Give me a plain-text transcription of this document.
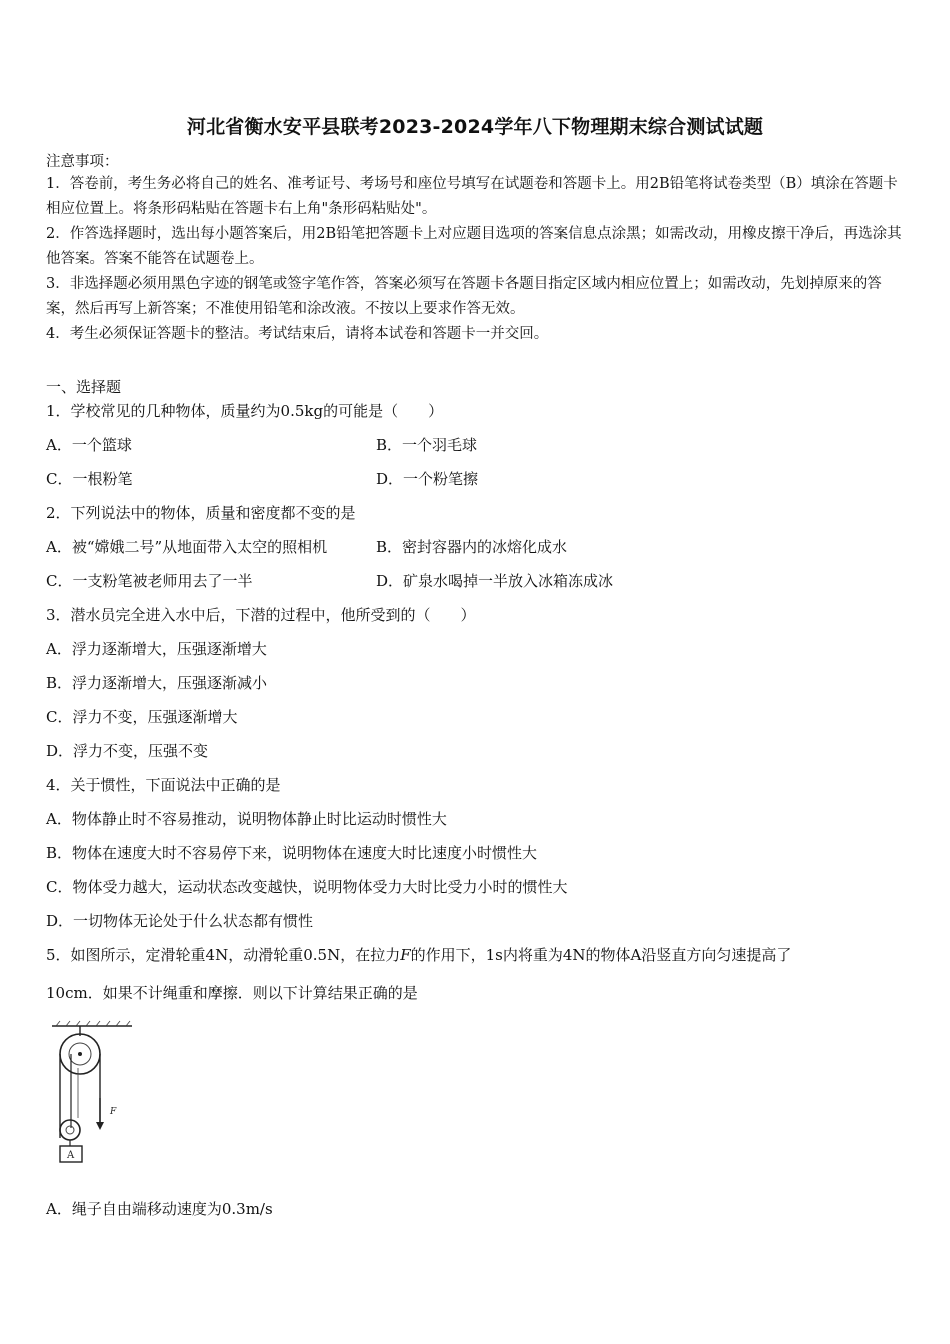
河北省衡水安平县联考2023-2024学年八下物理期末综合测试试题

注意事项：

1．答卷前，考生务必将自己的姓名、准考证号、考场号和座位号填写在试题卷和答题卡上。用2B铅笔将试卷类型（B）填涂在答题卡相应位置上。将条形码粘贴在答题卡右上角"条形码粘贴处"。

2．作答选择题时，选出每小题答案后，用2B铅笔把答题卡上对应题目选项的答案信息点涂黑；如需改动，用橡皮擦干净后，再选涂其他答案。答案不能答在试题卷上。

3．非选择题必须用黑色字迹的钢笔或签字笔作答，答案必须写在答题卡各题目指定区域内相应位置上；如需改动，先划掉原来的答案，然后再写上新答案；不准使用铅笔和涂改液。不按以上要求作答无效。

4．考生必须保证答题卡的整洁。考试结束后，请将本试卷和答题卡一并交回。

一、选择题
1．学校常见的几种物体，质量约为0.5kg的可能是（　　）
A．一个篮球	B．一个羽毛球
C．一根粉笔	D．一个粉笔擦
2．下列说法中的物体，质量和密度都不变的是
A．被“嫦娥二号”从地面带入太空的照相机	B．密封容器内的冰熔化成水
C．一支粉笔被老师用去了一半	D．矿泉水喝掉一半放入冰箱冻成冰
3．潜水员完全进入水中后，下潜的过程中，他所受到的（　　）
A．浮力逐渐增大，压强逐渐增大
B．浮力逐渐增大，压强逐渐减小
C．浮力不变，压强逐渐增大
D．浮力不变，压强不变
4．关于惯性，下面说法中正确的是
A．物体静止时不容易推动，说明物体静止时比运动时惯性大
B．物体在速度大时不容易停下来，说明物体在速度大时比速度小时惯性大
C．物体受力越大，运动状态改变越快，说明物体受力大时比受力小时的惯性大
D．一切物体无论处于什么状态都有惯性
5．如图所示，定滑轮重4N，动滑轮重0.5N，在拉力F的作用下，1s内将重为4N的物体A沿竖直方向匀速提高了
10cm．如果不计绳重和摩擦．则以下计算结果正确的是
F
A
A．绳子自由端移动速度为0.3m/s
